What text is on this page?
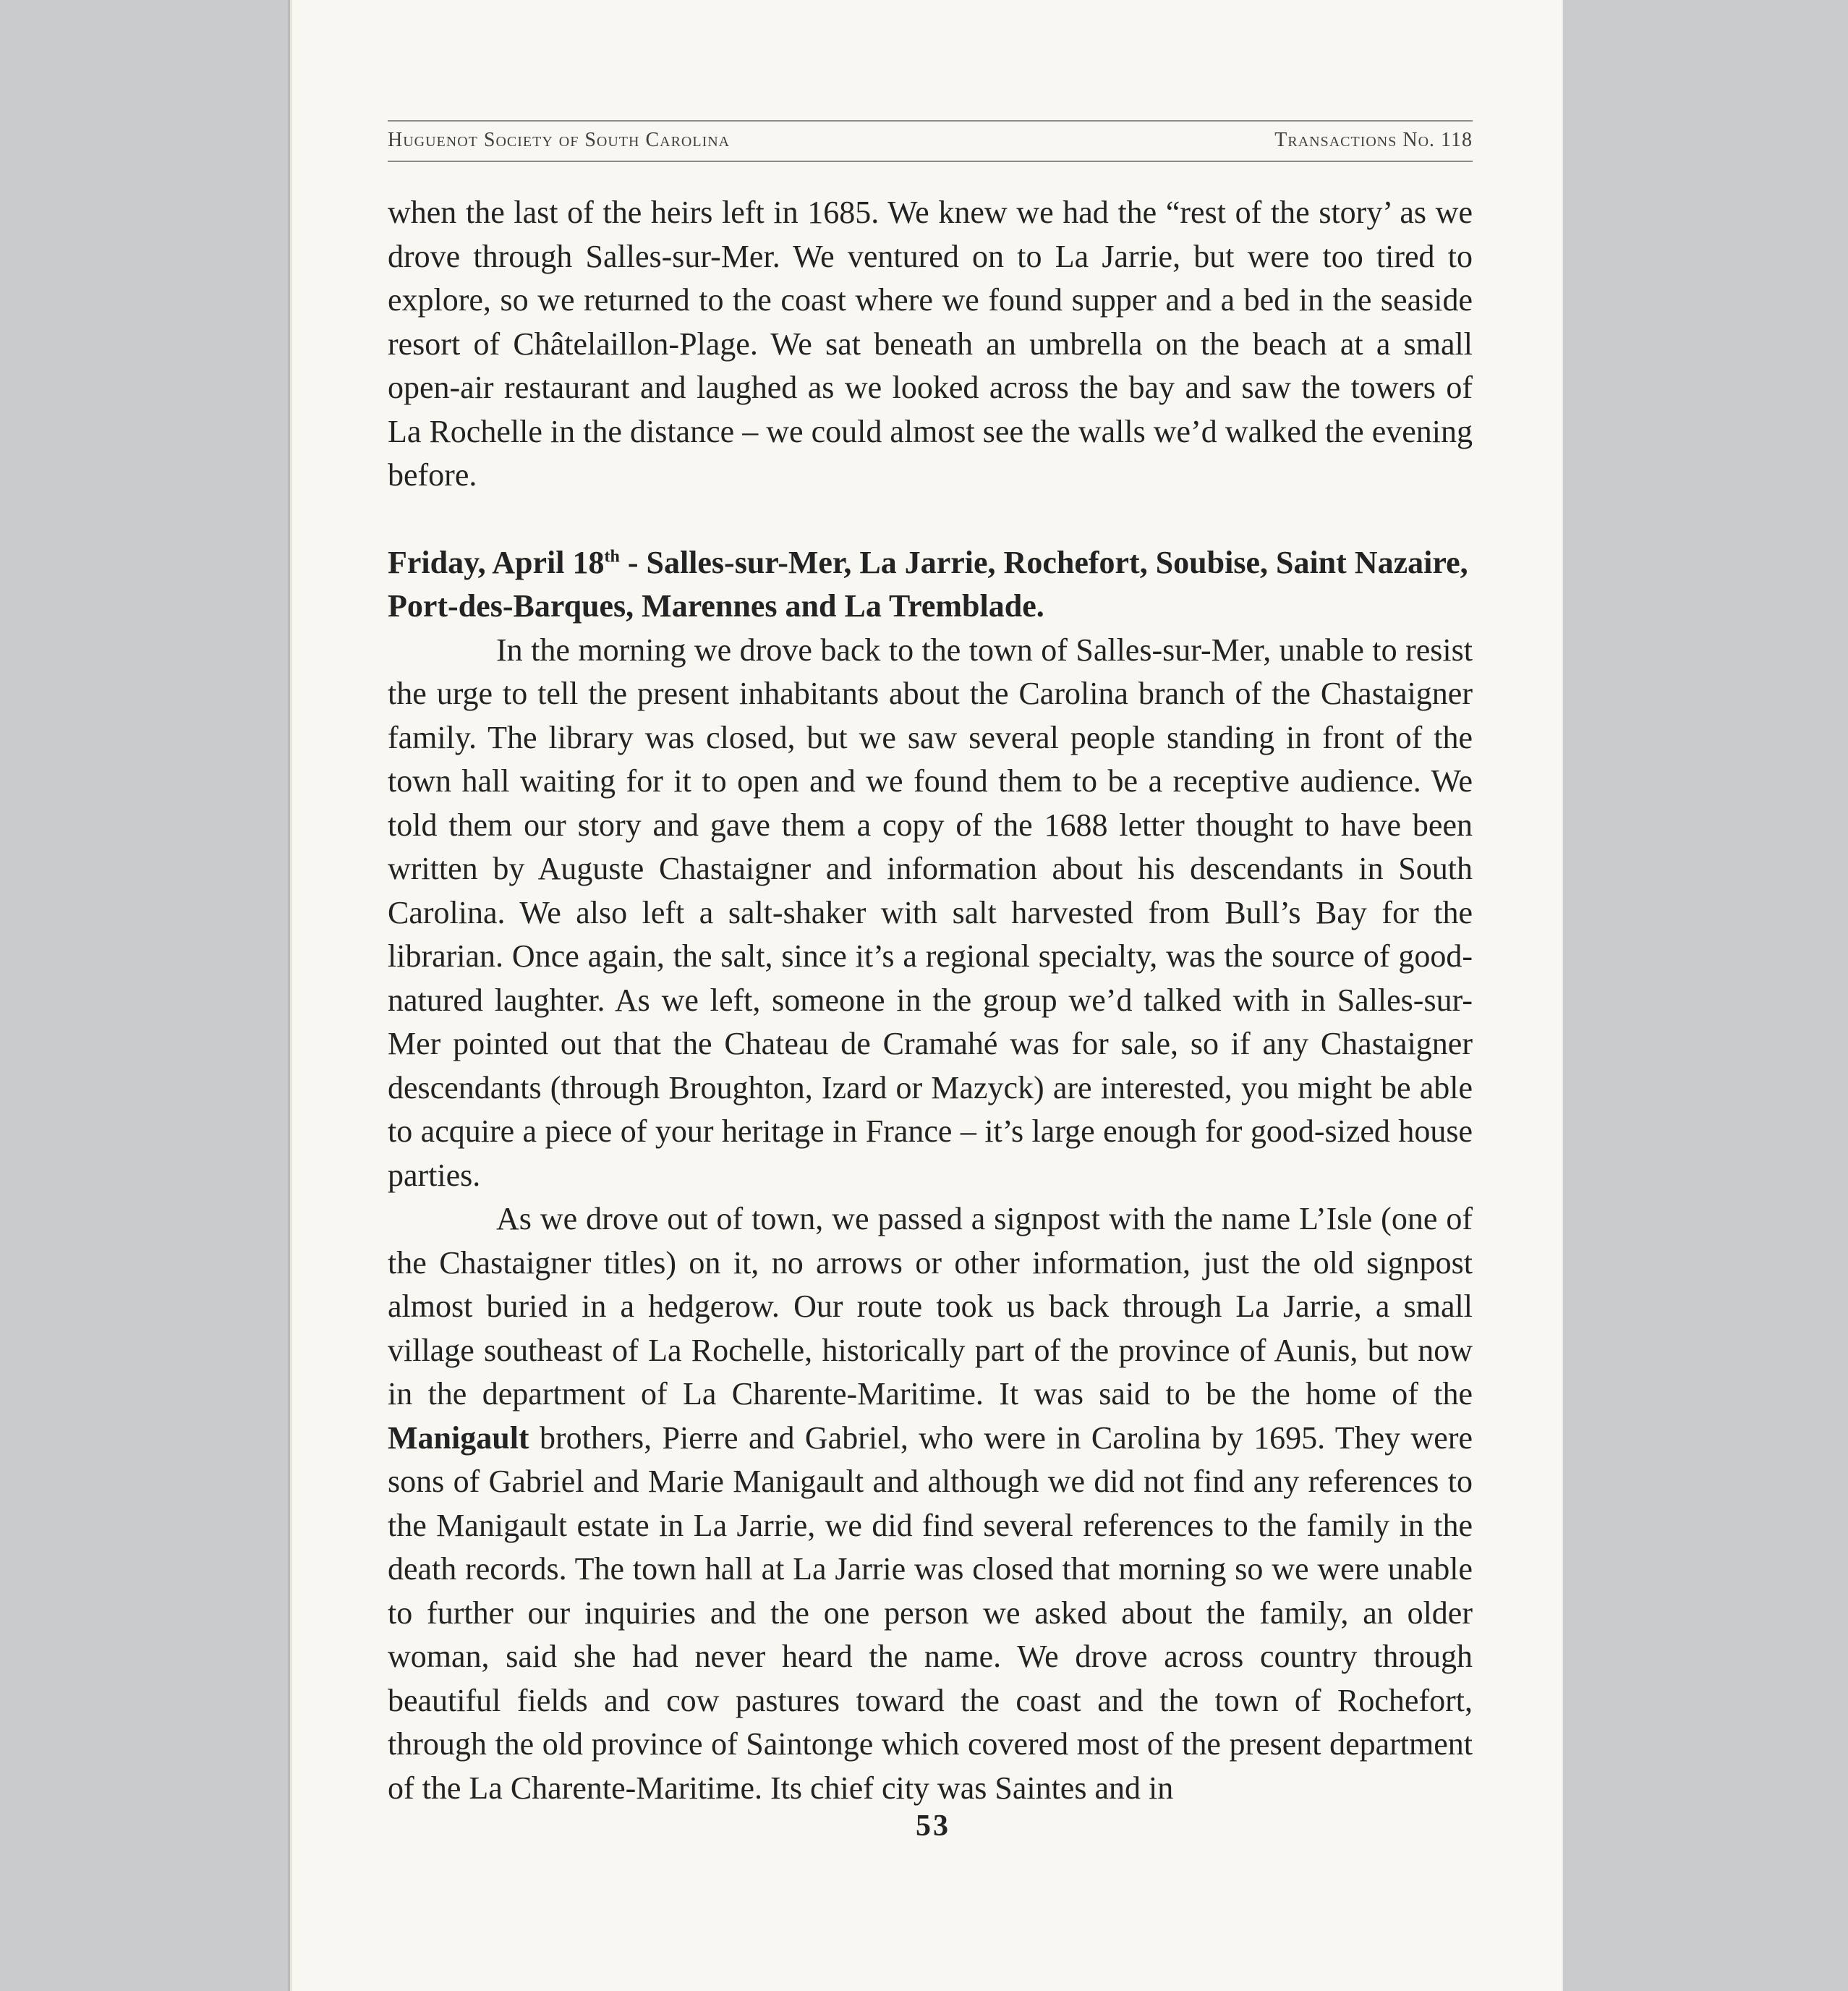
Huguenot Society of South Carolina	Transactions No. 118

when the last of the heirs left in 1685. We knew we had the “rest of the story’ as we drove through Salles-sur-Mer. We ventured on to La Jarrie, but were too tired to explore, so we returned to the coast where we found supper and a bed in the seaside resort of Châtelaillon-Plage. We sat beneath an umbrella on the beach at a small open-air restaurant and laughed as we looked across the bay and saw the towers of La Rochelle in the distance – we could almost see the walls we’d walked the evening before.

Friday, April 18th - Salles-sur-Mer, La Jarrie, Rochefort, Soubise, Saint Nazaire, Port-des-Barques, Marennes and La Tremblade.

In the morning we drove back to the town of Salles-sur-Mer, unable to resist the urge to tell the present inhabitants about the Carolina branch of the Chastaigner family. The library was closed, but we saw several people standing in front of the town hall waiting for it to open and we found them to be a receptive audience. We told them our story and gave them a copy of the 1688 letter thought to have been written by Auguste Chastaigner and information about his descendants in South Carolina. We also left a salt-shaker with salt harvested from Bull’s Bay for the librarian. Once again, the salt, since it’s a regional specialty, was the source of good-natured laughter. As we left, someone in the group we’d talked with in Salles-sur-Mer pointed out that the Chateau de Cramahé was for sale, so if any Chastaigner descendants (through Broughton, Izard or Mazyck) are interested, you might be able to acquire a piece of your heritage in France – it’s large enough for good-sized house parties.

As we drove out of town, we passed a signpost with the name L’Isle (one of the Chastaigner titles) on it, no arrows or other information, just the old signpost almost buried in a hedgerow. Our route took us back through La Jarrie, a small village southeast of La Rochelle, historically part of the province of Aunis, but now in the department of La Charente-Maritime. It was said to be the home of the Manigault brothers, Pierre and Gabriel, who were in Carolina by 1695. They were sons of Gabriel and Marie Manigault and although we did not find any references to the Manigault estate in La Jarrie, we did find several references to the family in the death records. The town hall at La Jarrie was closed that morning so we were unable to further our inquiries and the one person we asked about the family, an older woman, said she had never heard the name. We drove across country through beautiful fields and cow pastures toward the coast and the town of Rochefort, through the old province of Saintonge which covered most of the present department of the La Charente-Maritime. Its chief city was Saintes and in

53
